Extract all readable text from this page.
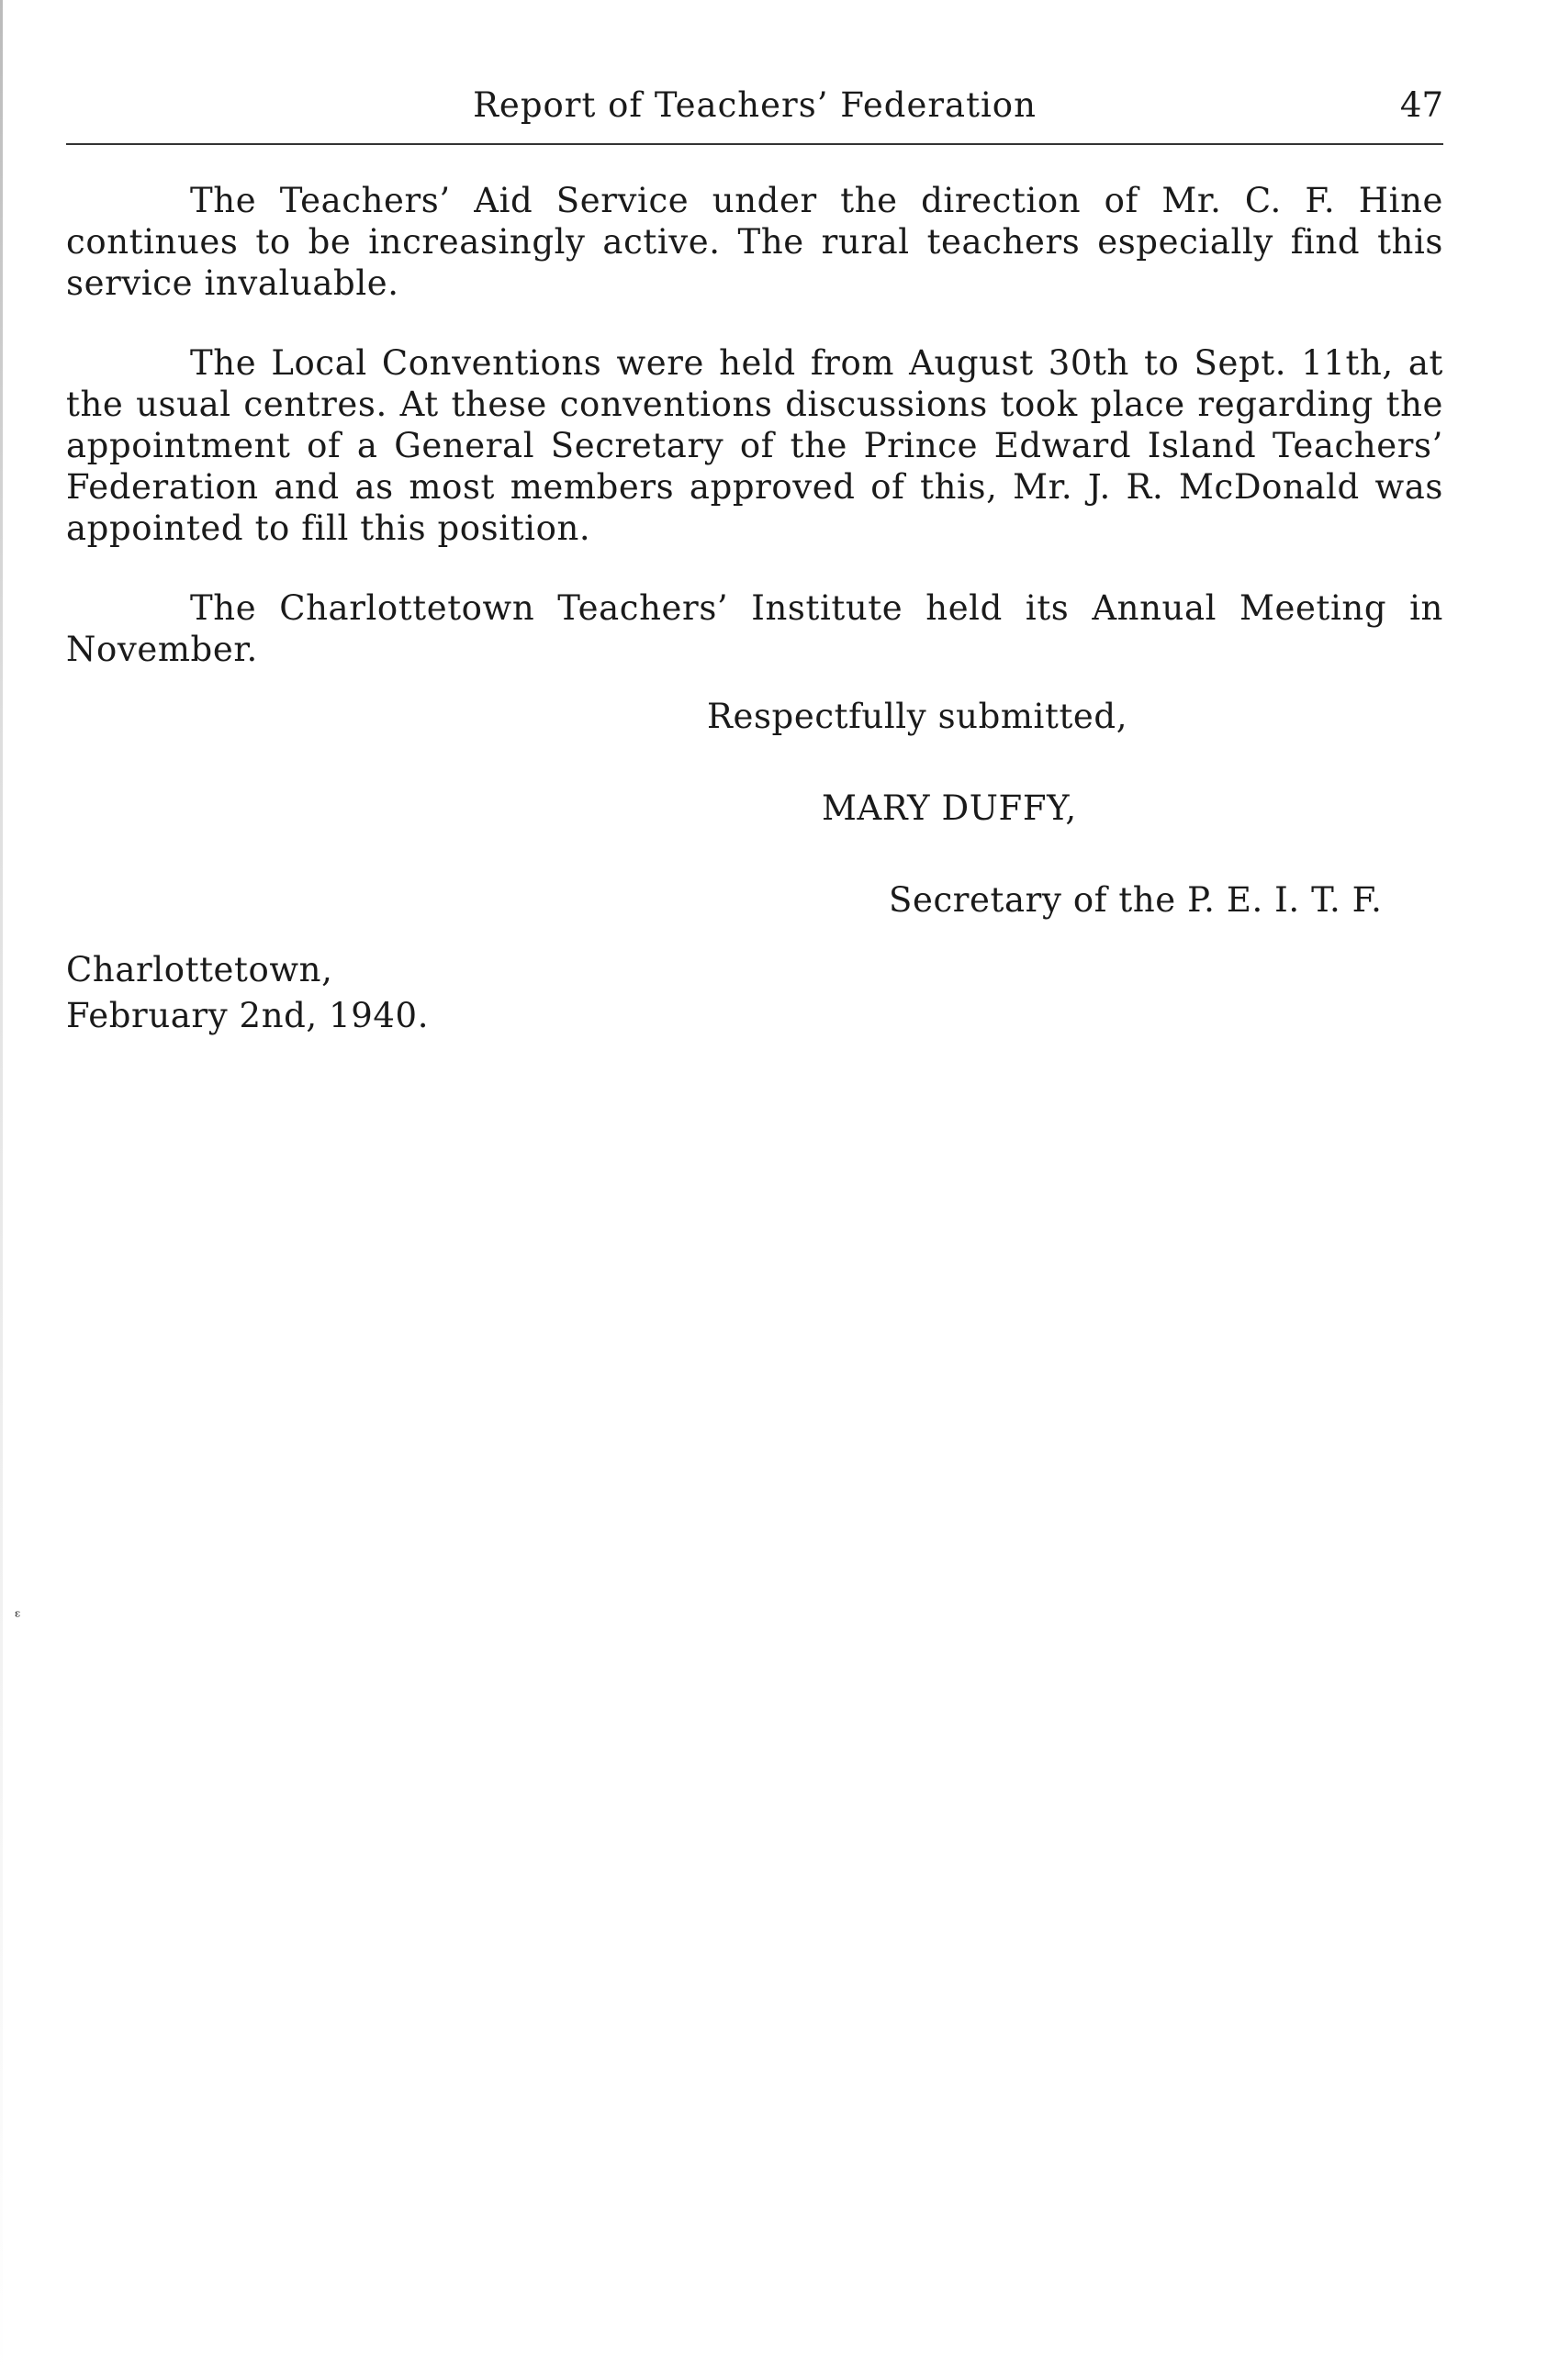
Report of Teachers’ Federation	47

The Teachers’ Aid Service under the direction of Mr. C. F. Hine continues to be increasingly active. The rural teachers especially find this service invaluable.

The Local Conventions were held from August 30th to Sept. 11th, at the usual centres. At these conventions discussions took place regarding the appointment of a General Secretary of the Prince Edward Island Teachers’ Federation and as most members approved of this, Mr. J. R. McDonald was appointed to fill this position.

The Charlottetown Teachers’ Institute held its Annual Meeting in November.

Respectfully submitted,
MARY DUFFY,
Secretary of the P. E. I. T. F.
Charlottetown,
February 2nd, 1940.
ᵋ
